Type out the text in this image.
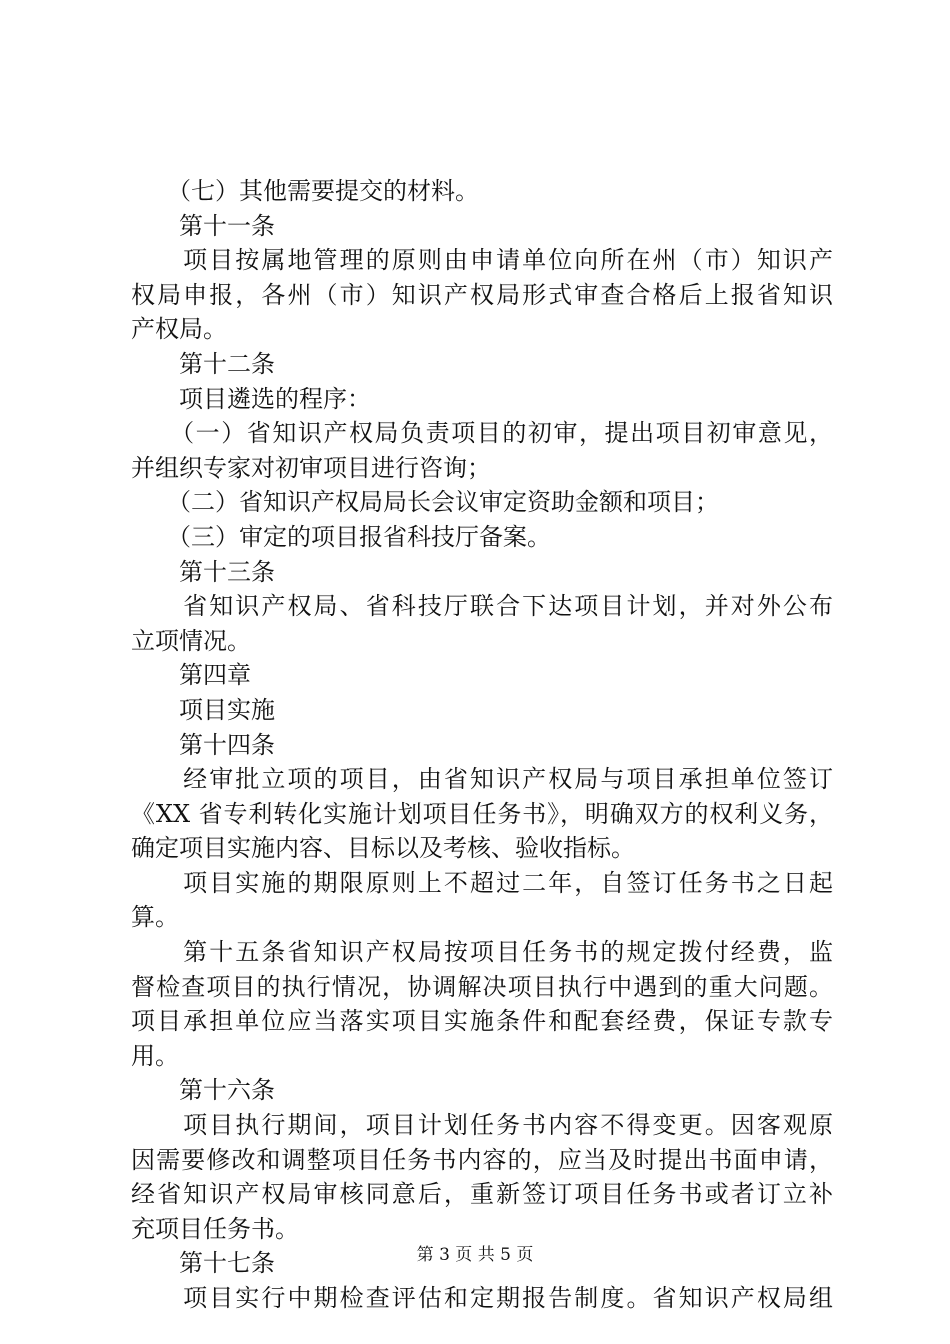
　　（七）其他需要提交的材料。
　　第十一条
　　项目按属地管理的原则由申请单位向所在州（市）知识产
权局申报，各州（市）知识产权局形式审查合格后上报省知识
产权局。
　　第十二条
　　项目遴选的程序：
　　（一）省知识产权局负责项目的初审，提出项目初审意见，
并组织专家对初审项目进行咨询；
　　（二）省知识产权局局长会议审定资助金额和项目；
　　（三）审定的项目报省科技厅备案。
　　第十三条
　　省知识产权局、省科技厅联合下达项目计划，并对外公布
立项情况。
　　第四章
　　项目实施
　　第十四条
　　经审批立项的项目，由省知识产权局与项目承担单位签订
《XX 省专利转化实施计划项目任务书》，明确双方的权利义务，
确定项目实施内容、目标以及考核、验收指标。
　　项目实施的期限原则上不超过二年，自签订任务书之日起
算。
　　第十五条省知识产权局按项目任务书的规定拨付经费，监
督检查项目的执行情况，协调解决项目执行中遇到的重大问题。
项目承担单位应当落实项目实施条件和配套经费，保证专款专
用。
　　第十六条
　　项目执行期间，项目计划任务书内容不得变更。因客观原
因需要修改和调整项目任务书内容的，应当及时提出书面申请，
经省知识产权局审核同意后，重新签订项目任务书或者订立补
充项目任务书。
　　第十七条
　　项目实行中期检查评估和定期报告制度。省知识产权局组
第 3 页 共 5 页
